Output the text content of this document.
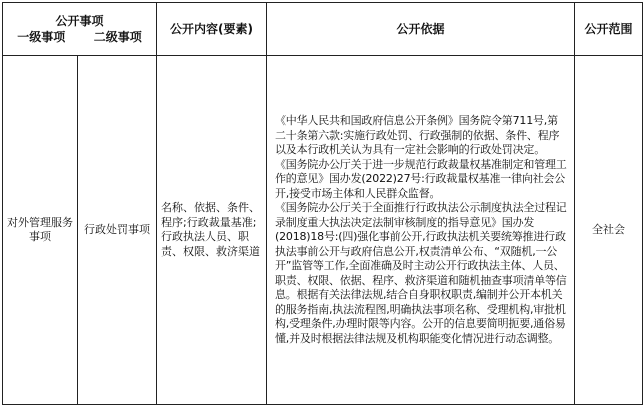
公开事项
一级事项 二级事项		公开内容(要素)	公开依据	公开范围
对外管理服务事项	行政处罚事项	名称、依据、条件、程序;行政裁量基准;行政执法人员、职责、权限、救济渠道	《中华人民共和国政府信息公开条例》国务院令第711号,第二十条第六款:实施行政处罚、行政强制的依据、条件、程序以及本行政机关认为具有一定社会影响的行政处罚决定。
《国务院办公厅关于进一步规范行政裁量权基准制定和管理工作的意见》国办发(2022)27号:行政裁量权基准一律向社会公开,接受市场主体和人民群众监督。
《国务院办公厅关于全面推行行政执法公示制度执法全过程记录制度重大执法决定法制审核制度的指导意见》国办发(2018)18号:(四)强化事前公开,行政执法机关要统筹推进行政执法事前公开与政府信息公开,权责清单公布、“双随机,一公开”监管等工作,全面准确及时主动公开行政执法主体、人员、职责、权限、依据、程序、救济渠道和随机抽查事项清单等信息。根据有关法律法规,结合自身职权职责,编制并公开本机关的服务指南,执法流程图,明确执法事项名称、受理机构,审批机构,受理条件,办理时限等内容。公开的信息要简明扼要,通俗易懂,并及时根据法律法规及机构职能变化情况进行动态调整。	全社会
